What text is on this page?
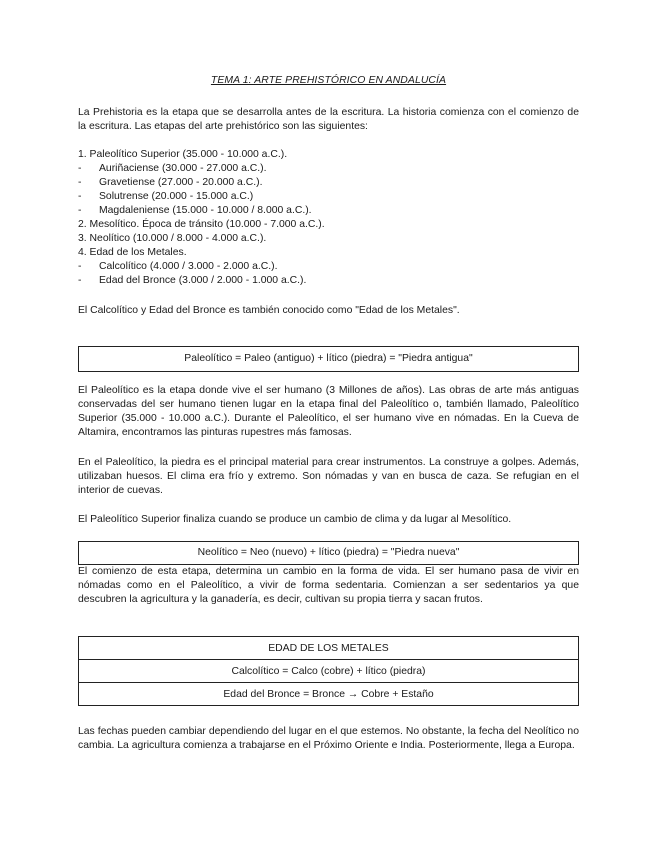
TEMA 1: ARTE PREHISTÓRICO EN ANDALUCÍA

La Prehistoria es la etapa que se desarrolla antes de la escritura. La historia comienza con el comienzo de la escritura. Las etapas del arte prehistórico son las siguientes:

1. Paleolítico Superior (35.000 - 10.000 a.C.).
- Auriñaciense (30.000 - 27.000 a.C.).
- Gravetiense (27.000 - 20.000 a.C.).
- Solutrense (20.000 - 15.000 a.C.)
- Magdaleniense (15.000 - 10.000 / 8.000 a.C.).
2. Mesolítico. Época de tránsito (10.000 - 7.000 a.C.).
3. Neolítico (10.000 / 8.000 - 4.000 a.C.).
4. Edad de los Metales.
- Calcolítico (4.000 / 3.000 - 2.000 a.C.).
- Edad del Bronce (3.000 / 2.000 - 1.000 a.C.).

El Calcolítico y Edad del Bronce es también conocido como "Edad de los Metales".

Paleolítico = Paleo (antiguo) + lítico (piedra) = "Piedra antigua"

El Paleolítico es la etapa donde vive el ser humano (3 Millones de años). Las obras de arte más antiguas conservadas del ser humano tienen lugar en la etapa final del Paleolítico o, también llamado, Paleolítico Superior (35.000 - 10.000 a.C.). Durante el Paleolítico, el ser humano vive en nómadas. En la Cueva de Altamira, encontramos las pinturas rupestres más famosas.

En el Paleolítico, la piedra es el principal material para crear instrumentos. La construye a golpes. Además, utilizaban huesos. El clima era frío y extremo. Son nómadas y van en busca de caza. Se refugian en el interior de cuevas.

El Paleolítico Superior finaliza cuando se produce un cambio de clima y da lugar al Mesolítico.

Neolítico = Neo (nuevo) + lítico (piedra) = "Piedra nueva"

El comienzo de esta etapa, determina un cambio en la forma de vida. El ser humano pasa de vivir en nómadas como en el Paleolítico, a vivir de forma sedentaria. Comienzan a ser sedentarios ya que descubren la agricultura y la ganadería, es decir, cultivan su propia tierra y sacan frutos.

EDAD DE LOS METALES
Calcolítico = Calco (cobre) + lítico (piedra)
Edad del Bronce = Bronce → Cobre + Estaño

Las fechas pueden cambiar dependiendo del lugar en el que estemos. No obstante, la fecha del Neolítico no cambia. La agricultura comienza a trabajarse en el Próximo Oriente e India. Posteriormente, llega a Europa.
